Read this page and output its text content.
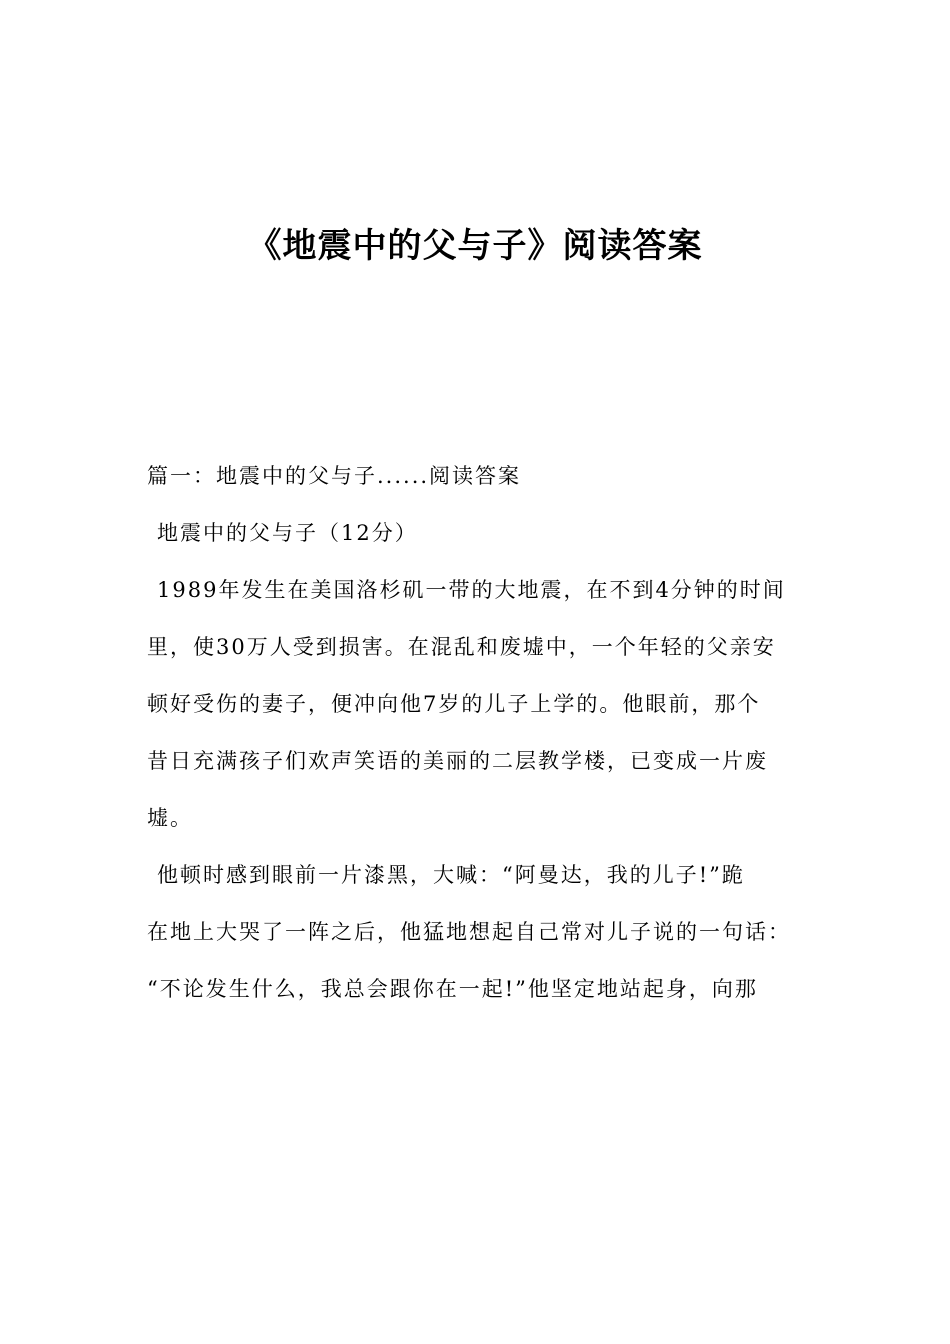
《地震中的父与子》阅读答案
篇一：地震中的父与子......阅读答案
地震中的父与子（12分）
1989年发生在美国洛杉矶一带的大地震，在不到4分钟的时间
里，使30万人受到损害。在混乱和废墟中，一个年轻的父亲安
顿好受伤的妻子，便冲向他7岁的儿子上学的。他眼前，那个
昔日充满孩子们欢声笑语的美丽的二层教学楼，已变成一片废
墟。
他顿时感到眼前一片漆黑，大喊：“阿曼达，我的儿子!”跪
在地上大哭了一阵之后，他猛地想起自己常对儿子说的一句话：
“不论发生什么，我总会跟你在一起!”他坚定地站起身，向那
